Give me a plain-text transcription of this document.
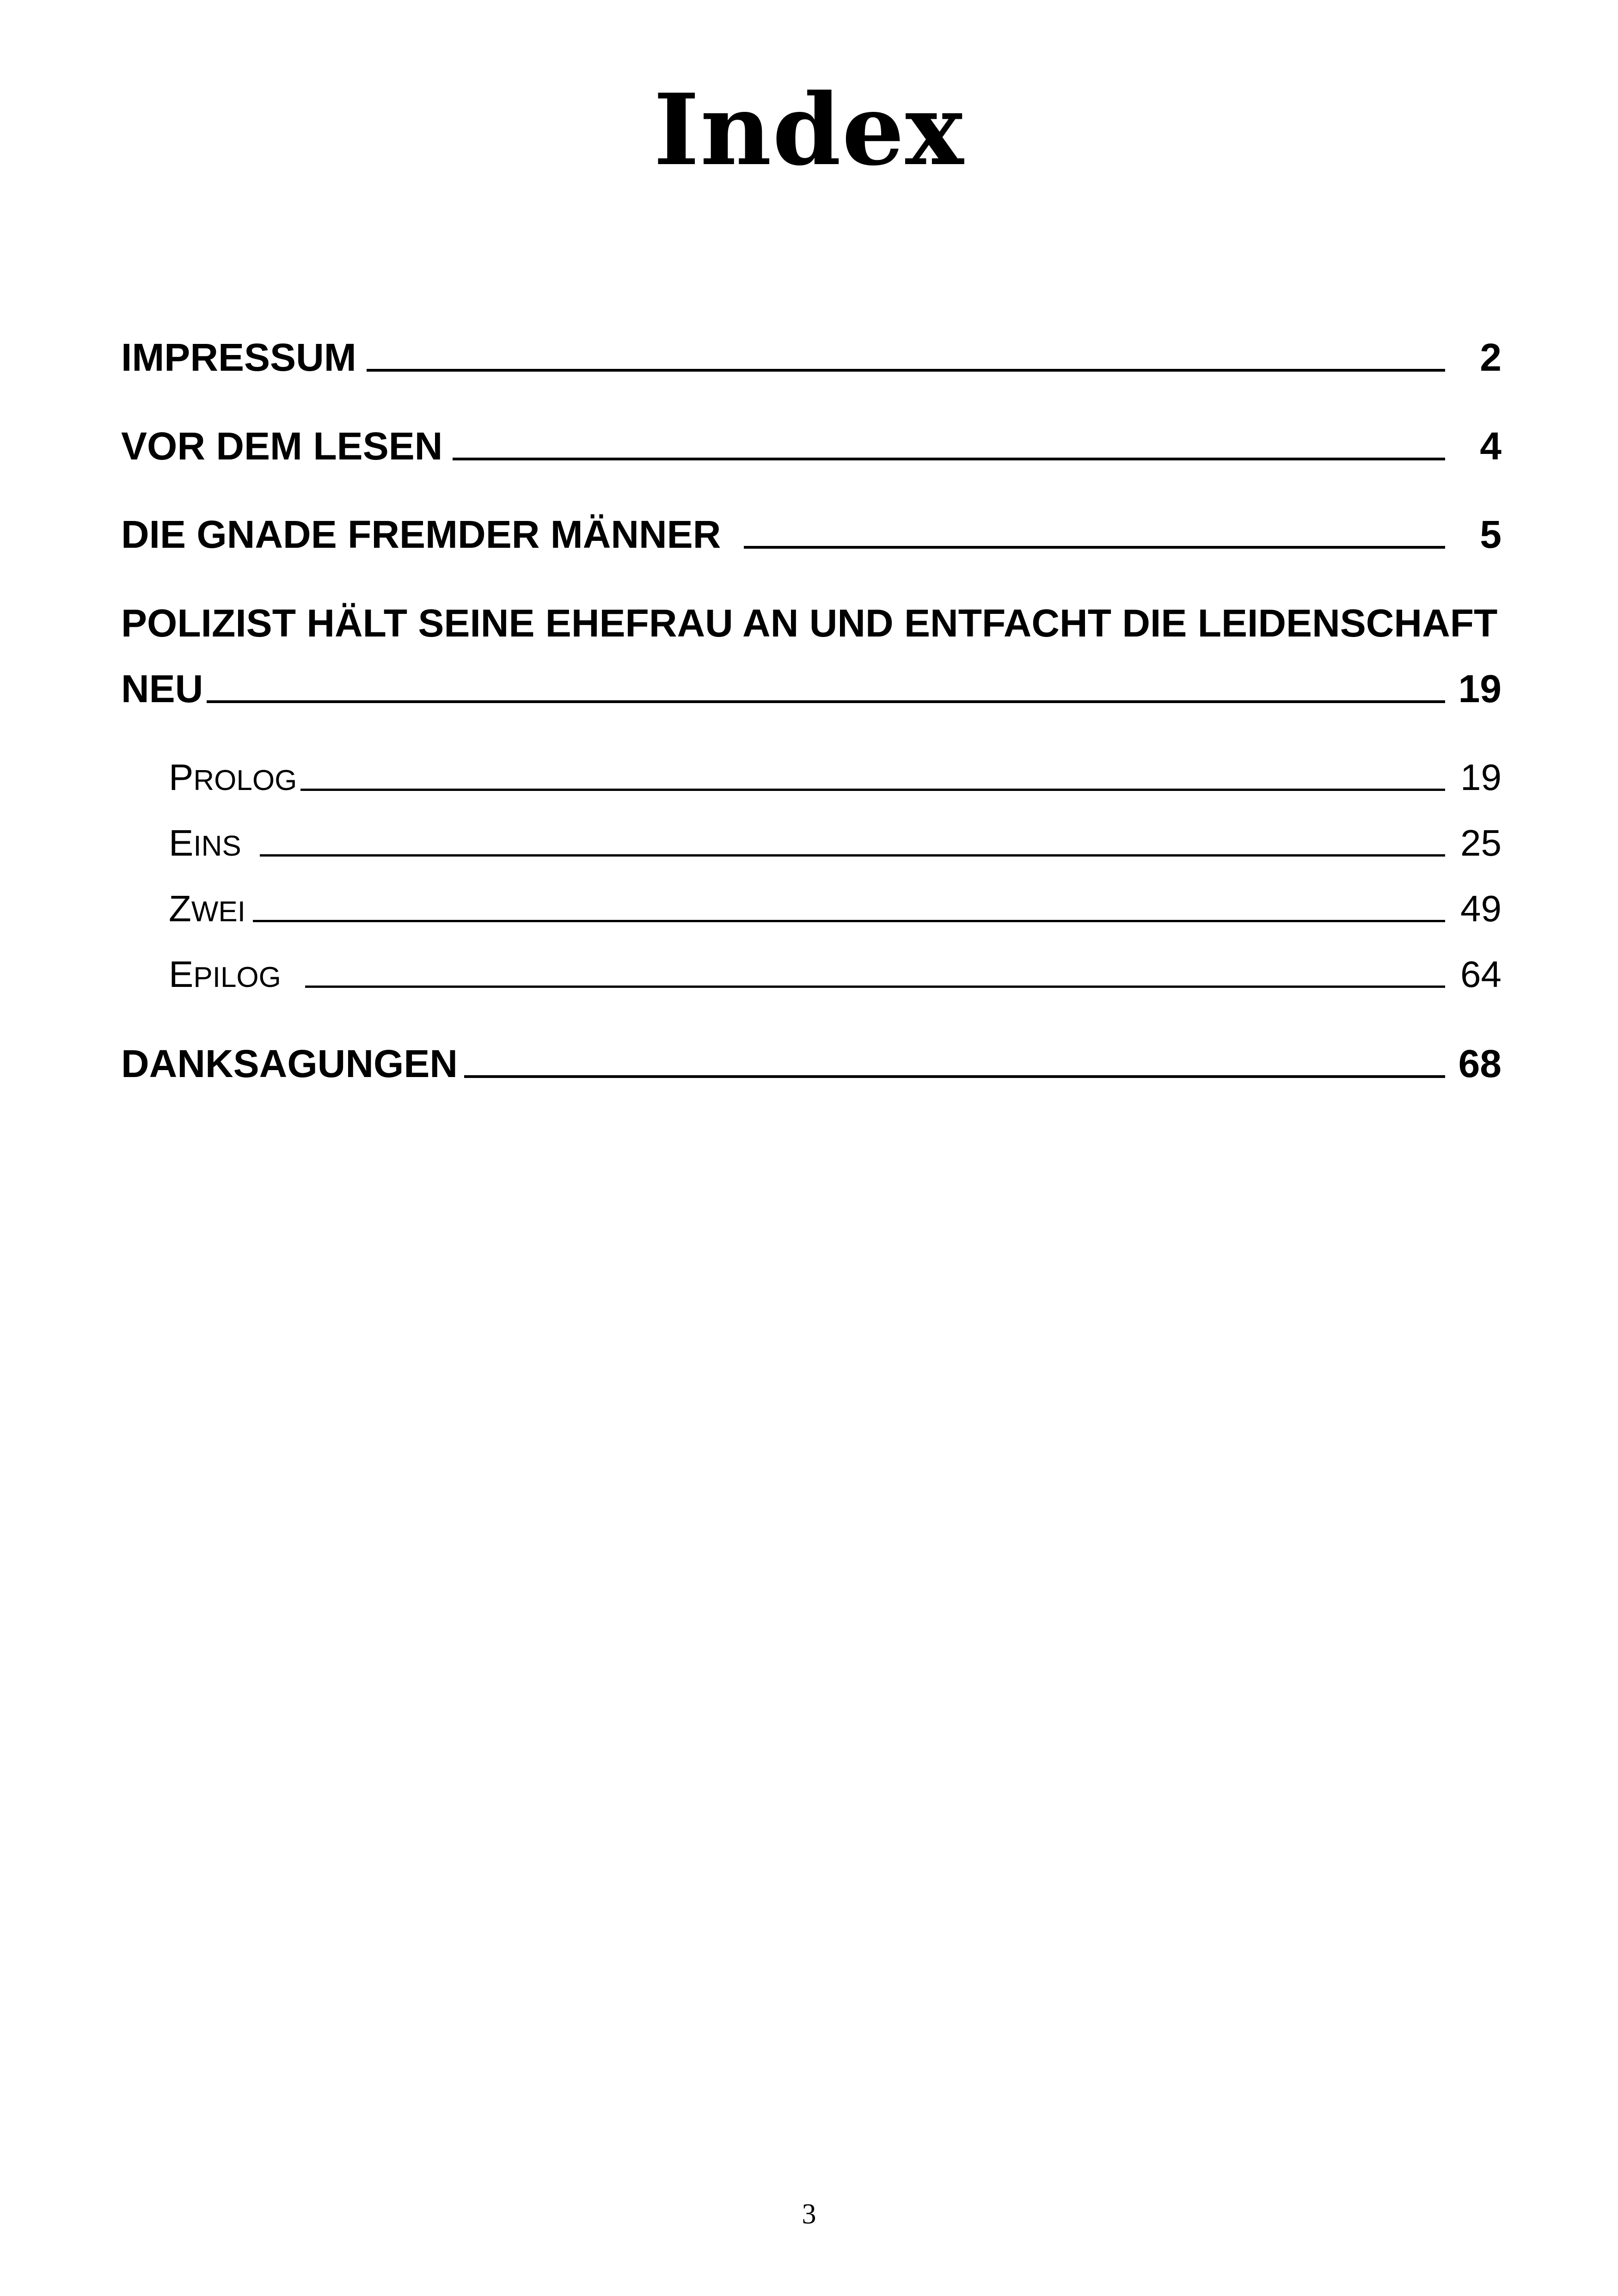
Index
IMPRESSUM	2
VOR DEM LESEN	4
DIE GNADE FREMDER MÄNNER	5
POLIZIST HÄLT SEINE EHEFRAU AN UND ENTFACHT DIE LEIDENSCHAFT
NEU	19
PROLOG	19
EINS	25
ZWEI	49
EPILOG	64
DANKSAGUNGEN	68
3
